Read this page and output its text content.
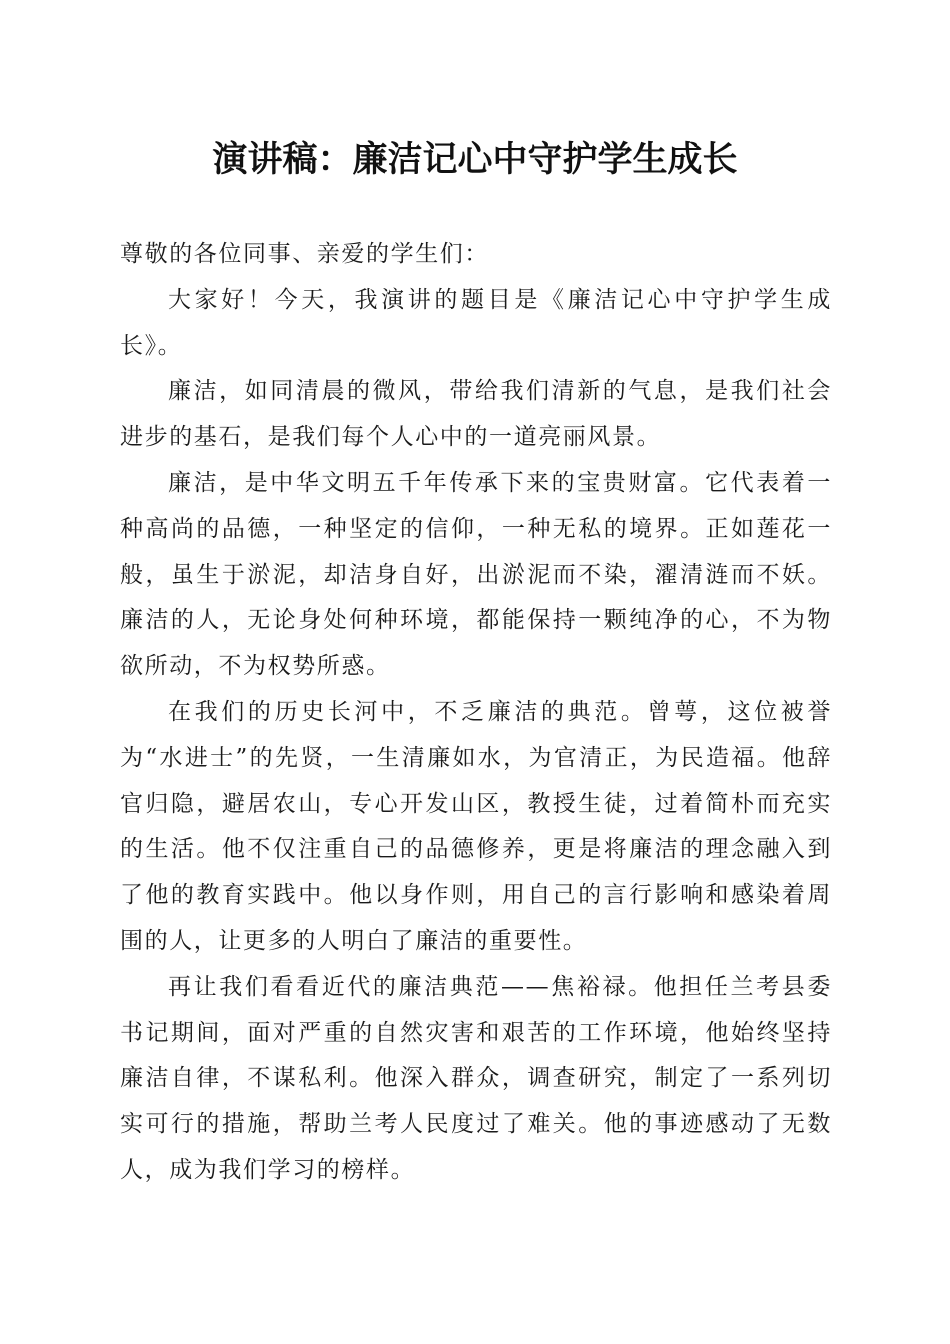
演讲稿：廉洁记心中守护学生成长

尊敬的各位同事、亲爱的学生们：

大家好！今天，我演讲的题目是《廉洁记心中守护学生成长》。

廉洁，如同清晨的微风，带给我们清新的气息，是我们社会进步的基石，是我们每个人心中的一道亮丽风景。

廉洁，是中华文明五千年传承下来的宝贵财富。它代表着一种高尚的品德，一种坚定的信仰，一种无私的境界。正如莲花一般，虽生于淤泥，却洁身自好，出淤泥而不染，濯清涟而不妖。廉洁的人，无论身处何种环境，都能保持一颗纯净的心，不为物欲所动，不为权势所惑。

在我们的历史长河中，不乏廉洁的典范。曾萼，这位被誉为“水进士”的先贤，一生清廉如水，为官清正，为民造福。他辞官归隐，避居农山，专心开发山区，教授生徒，过着简朴而充实的生活。他不仅注重自己的品德修养，更是将廉洁的理念融入到了他的教育实践中。他以身作则，用自己的言行影响和感染着周围的人，让更多的人明白了廉洁的重要性。

再让我们看看近代的廉洁典范——焦裕禄。他担任兰考县委书记期间，面对严重的自然灾害和艰苦的工作环境，他始终坚持廉洁自律，不谋私利。他深入群众，调查研究，制定了一系列切实可行的措施，帮助兰考人民度过了难关。他的事迹感动了无数人，成为我们学习的榜样。
